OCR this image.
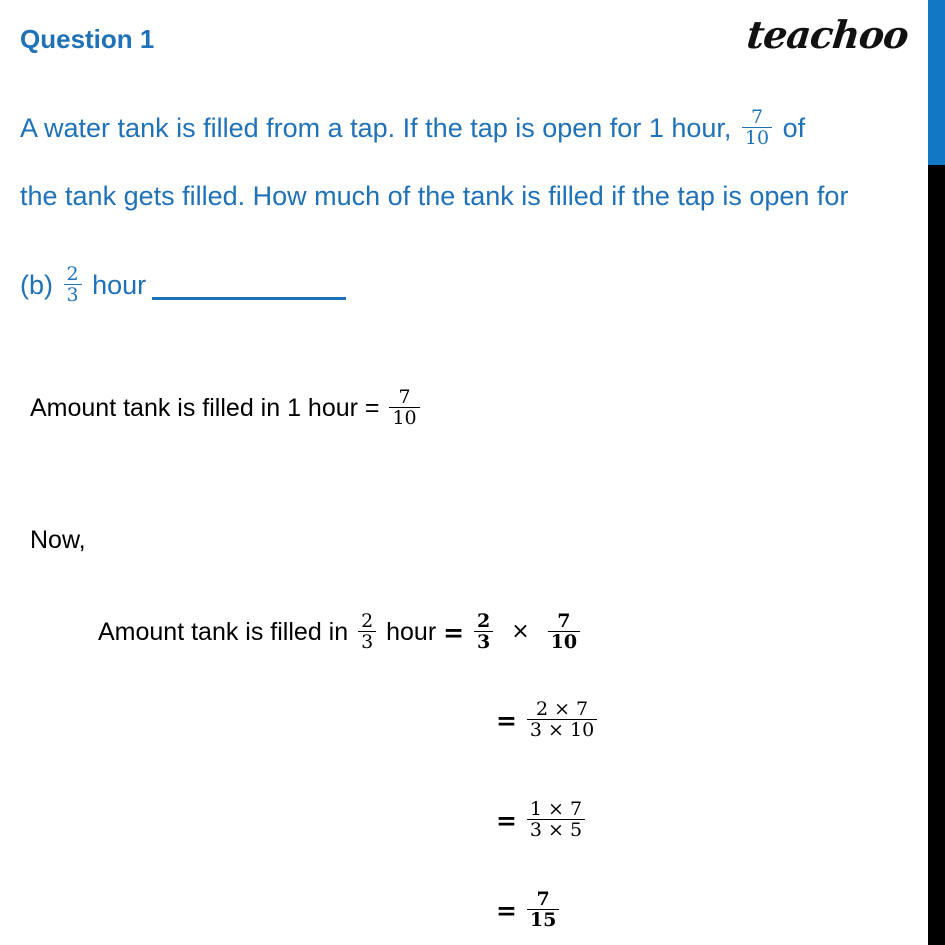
Question 1	teachoo
A water tank is filled from a tap. If the tap is open for 1 hour, $\frac{7}{10}$ of
the tank gets filled. How much of the tank is filled if the tap is open for
$(b) \frac{2}{3}$ hour
Amount tank is filled in 1 hour = $\frac{7}{10}$
Now,
Amount tank is filled in $\frac{2}{3}$ hour = $\frac{2}{3} \times \frac{7}{10}$
= $\frac{2 \times 7}{3 \times 10}$
= $\frac{1 \times 7}{3 \times 5}$
= $\frac{7}{15}$
